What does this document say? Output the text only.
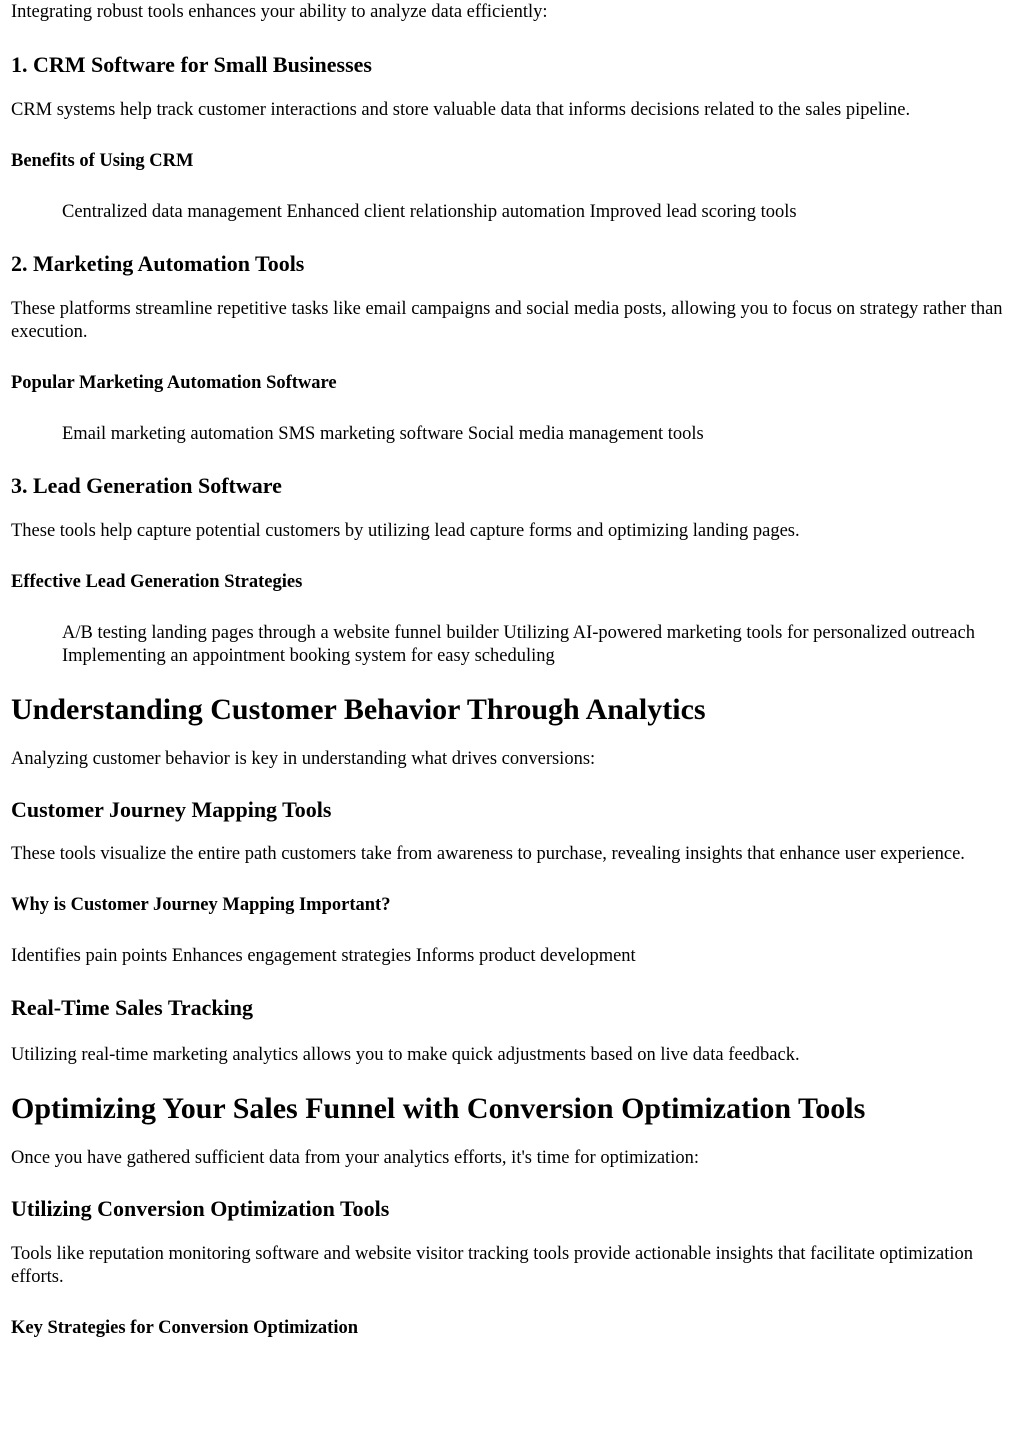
Integrating robust tools enhances your ability to analyze data efficiently:

1. CRM Software for Small Businesses

CRM systems help track customer interactions and store valuable data that informs decisions related to the sales pipeline.

Benefits of Using CRM

Centralized data management Enhanced client relationship automation Improved lead scoring tools

2. Marketing Automation Tools

These platforms streamline repetitive tasks like email campaigns and social media posts, allowing you to focus on strategy rather than execution.

Popular Marketing Automation Software

Email marketing automation SMS marketing software Social media management tools

3. Lead Generation Software

These tools help capture potential customers by utilizing lead capture forms and optimizing landing pages.

Effective Lead Generation Strategies

A/B testing landing pages through a website funnel builder Utilizing AI-powered marketing tools for personalized outreach Implementing an appointment booking system for easy scheduling

Understanding Customer Behavior Through Analytics

Analyzing customer behavior is key in understanding what drives conversions:

Customer Journey Mapping Tools

These tools visualize the entire path customers take from awareness to purchase, revealing insights that enhance user experience.

Why is Customer Journey Mapping Important?

Identifies pain points Enhances engagement strategies Informs product development

Real-Time Sales Tracking

Utilizing real-time marketing analytics allows you to make quick adjustments based on live data feedback.

Optimizing Your Sales Funnel with Conversion Optimization Tools

Once you have gathered sufficient data from your analytics efforts, it's time for optimization:

Utilizing Conversion Optimization Tools

Tools like reputation monitoring software and website visitor tracking tools provide actionable insights that facilitate optimization efforts.

Key Strategies for Conversion Optimization
